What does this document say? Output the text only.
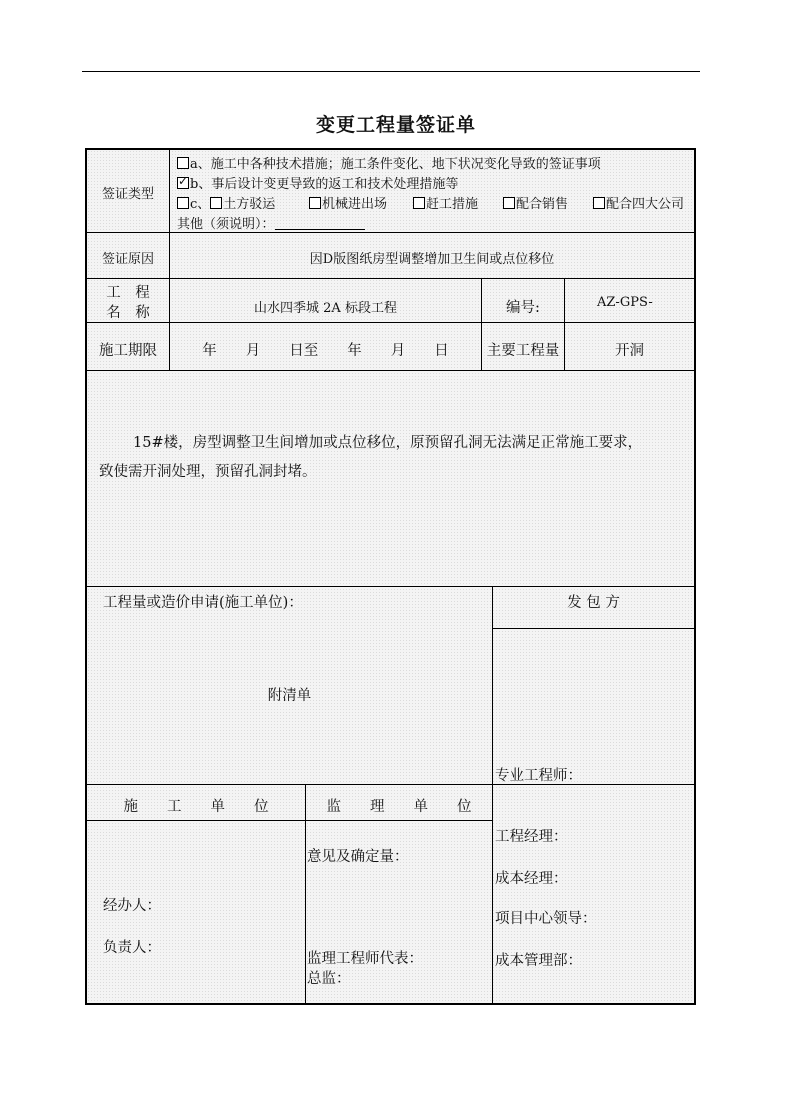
变更工程量签证单
签证类型
a、施工中各种技术措施；施工条件变化、地下状况变化导致的签证事项
✓b、事后设计变更导致的返工和技术处理措施等
c、 土方驳运	机械进出场	赶工措施	配合销售	配合四大公司
其他（须说明）：
签证原因	因D版图纸房型调整增加卫生间或点位移位
工　程
名　称	山水四季城 2A 标段工程	编号:	AZ-GPS-
施工期限	年　　月　　日至　　年　　月　　日	主要工程量	开洞
15#楼，房型调整卫生间增加或点位移位，原预留孔洞无法满足正常施工要求，
致使需开洞处理，预留孔洞封堵。
工程量或造价申请(施工单位)：
附清单
发 包 方
专业工程师：
施　　工　　单　　位	监　　理　　单　　位
经办人：
负责人：
意见及确定量：
监理工程师代表：
总监：
工程经理：
成本经理：
项目中心领导：
成本管理部：
